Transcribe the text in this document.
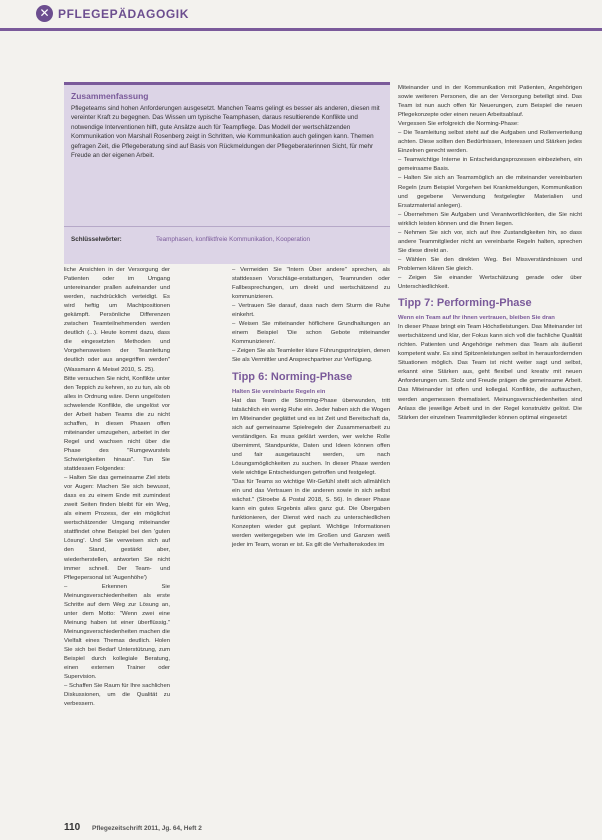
✕ PFLEGEPÄDAGOGIK
Zusammenfassung

Pflegeteams sind hohen Anforderungen ausgesetzt. Manchen Teams gelingt es besser als anderen, diesen mit vereinter Kraft zu begegnen. Das Wissen um typische Teamphasen, daraus resultierende Konflikte und notwendige Interventionen hilft, gute Ansätze auch für Teampflege. Das Modell der wertschätzenden Kommunikation von Marshall Rosenberg zeigt in Schritten, wie Kommunikation auch gelingen kann. Themen gefragen Zeit, die Pflegeberatung sind auf Basis von Rückmeldungen der Pflegeberaterinnen Sicht, für mehr Freude an der eigenen Arbeit.

Schlüsselwörter:	Teamphasen, konfliktfreie Kommunikation, Kooperation

liche Ansichten in der Versorgung der Patienten oder im Umgang untereinander prallen aufeinander und werden, nachdrücklich verteidigt. Es wird heftig um Machtpositionen gekämpft. Persönliche Differenzen zwischen Teamteilnehmenden werden deutlich (...). Heute kommt dazu, dass die eingesetzten Methoden und Vorgehensweisen der Teamleitung deutlich oder aus angegriffen werden" (Wassmann & Meisel 2010, S. 25).

Bitte versuchen Sie nicht, Konflikte unter den Teppich zu kehren, so zu tun, als ob alles in Ordnung wäre. Denn ungelösten schwelende Konflikte, die ungelöst vor der Arbeit haben Teams die zu nicht schaffen, in diesen Phasen offen miteinander umzugehen, arbeitet in der Regel und wachsen nicht über die Phase des "Rumgewurstels Schwierigkeiten hinaus". Tun Sie stattdessen Folgendes:

– Halten Sie das gemeinsame Ziel stets vor Augen: Machen Sie sich bewusst, dass es zu einem Ende mit zumindest zweit Seiten finden bleibt für ein Weg, als einem Prozess, der ein möglichst wertschätzender Umgang miteinander stattfindet ohne Beispiel bei den 'guten Lösung'. Und Sie verweisen sich auf den Stand, gestärkt aber, wiederherstellen, antworten Sie nicht immer schnell. Der Team- und Pflegepersonal ist 'Augenhöhe')

– Erkennen Sie Meinungsverschiedenheiten als erste Schritte auf dem Weg zur Lösung an, unter dem Motto: "Wenn zwei eine Meinung haben ist einer überflüssig." Meinungsverschiedenheiten machen die Vielfalt eines Themas deutlich. Holen Sie sich bei Bedarf Unterstützung, zum Beispiel durch kollegiale Beratung, einen externen Trainer oder Supervision.

– Schaffen Sie Raum für Ihre sachlichen Diskussionen, um die Qualität zu verbessern.

– Vermeiden Sie "Intern Über andere" sprechen, als stattdessen Vorschläge-erstattungen, Teamrunden oder Fallbesprechungen, um direkt und wertschätzend zu kommunizieren.

– Vertrauen Sie darauf, dass nach dem Sturm die Ruhe einkehrt.

– Weisen Sie miteinander höflichere Grundhaltungen an einem Beispiel 'Die schon Gebote miteinander Kommunizieren'.

– Zeigen Sie als Teamleiter klare Führungsprinzipien, denen Sie als Vermittler und Ansprechpartner zur Verfügung.

Tipp 6: Norming-Phase

Halten Sie vereinbarte Regeln ein

Hat das Team die Storming-Phase überwunden, tritt tatsächlich ein wenig Ruhe ein. Jeder haben sich die Wogen im Miteinander geglättet und es ist Zeit und Bereitschaft da, sich auf gemeinsame Spielregeln der Zusammenarbeit zu verständigen. Es muss geklärt werden, wer welche Rolle übernimmt, Standpunkte, Daten und Ideen können offen und fair ausgetauscht werden, um nach Lösungsmöglichkeiten zu suchen. In dieser Phase werden viele wichtige Entscheidungen getroffen und festgelegt.

"Das für Teams so wichtige Wir-Gefühl stellt sich allmählich ein und das Vertrauen in die anderen sowie in sich selbst wächst." (Stroebe & Postal 2018, S. 56). In dieser Phase kann ein gutes Ergebnis alles ganz gut. Die Übergaben funktionieren, der Dienst wird nach zu unterschiedlichen Konzepten wieder gut geplant. Wichtige Informationen werden weitergegeben wie im Großen und Ganzen weiß jeder im Team, woran er ist. Es gilt die Verhaltenskodex im

Miteinander und in der Kommunikation mit Patienten, Angehörigen sowie weiteren Personen, die an der Versorgung beteiligt sind. Das Team ist nun auch offen für Neuerungen, zum Beispiel die neuen Pflegekonzepte oder einen neuen Arbeitsablauf.

Vergessen Sie erfolgreich die Norming-Phase:

– Die Teamleitung selbst steht auf die Aufgaben und Rollenverteilung achten. Diese sollten den Bedürfnissen, Interessen und Stärken jedes Einzelnen gerecht werden.

– Teamwichtige Interne in Entscheidungsprozessen einbeziehen, ein gemeinsame Basis.

– Halten Sie sich an Teamsmöglich an die miteinander vereinbarten Regeln (zum Beispiel Vorgehen bei Krankmeldungen, Kommunikation und gegebene Verwendung festgelegter Materialien und Ersatzmaterial anlegen).

– Übernehmen Sie Aufgaben und Verantwortlichkeiten, die Sie nicht wirklich leisten können und die Ihnen liegen.

– Nehmen Sie sich vor, sich auf ihre Zustandigkeiten hin, so dass andere Teammitglieder nicht an vereinbarte Regeln halten, sprechen Sie diese direkt an.

– Wählen Sie den direkten Weg. Bei Missverständnissen und Problemen klären Sie gleich.

– Zeigen Sie einander Wertschätzung gerade oder über Unterschiedlichkeit.

Tipp 7: Performing-Phase

Wenn ein Team auf Ihr ihnen vertrauen, bleiben Sie dran

In dieser Phase bringt ein Team Höchstleistungen. Das Miteinander ist wertschätzend und klar, der Fokus kann sich voll die fachliche Qualität richten. Patienten und Angehörige nehmen das Team als äußerst kompetent wahr. Es sind Spitzenleistungen selbst in herausfordernden Situationen möglich. Das Team ist nicht weiter sagt und selbst, erkannt eine Stärken aus, geht flexibel und kreativ mit neuen Anforderungen um. Stolz und Freude prägen die gemeinsame Arbeit. Das Miteinander ist offen und kollegial. Konflikte, die auftauchen, werden angemessen thematisiert. Meinungsverschiedenheiten sind Anlass die jeweilige Arbeit und in der Regel konstruktiv gelöst. Die Stärken der einzelnen Teammitglieder können optimal eingesetzt

110 Pflegezeitschrift 2011, Jg. 64, Heft 2
